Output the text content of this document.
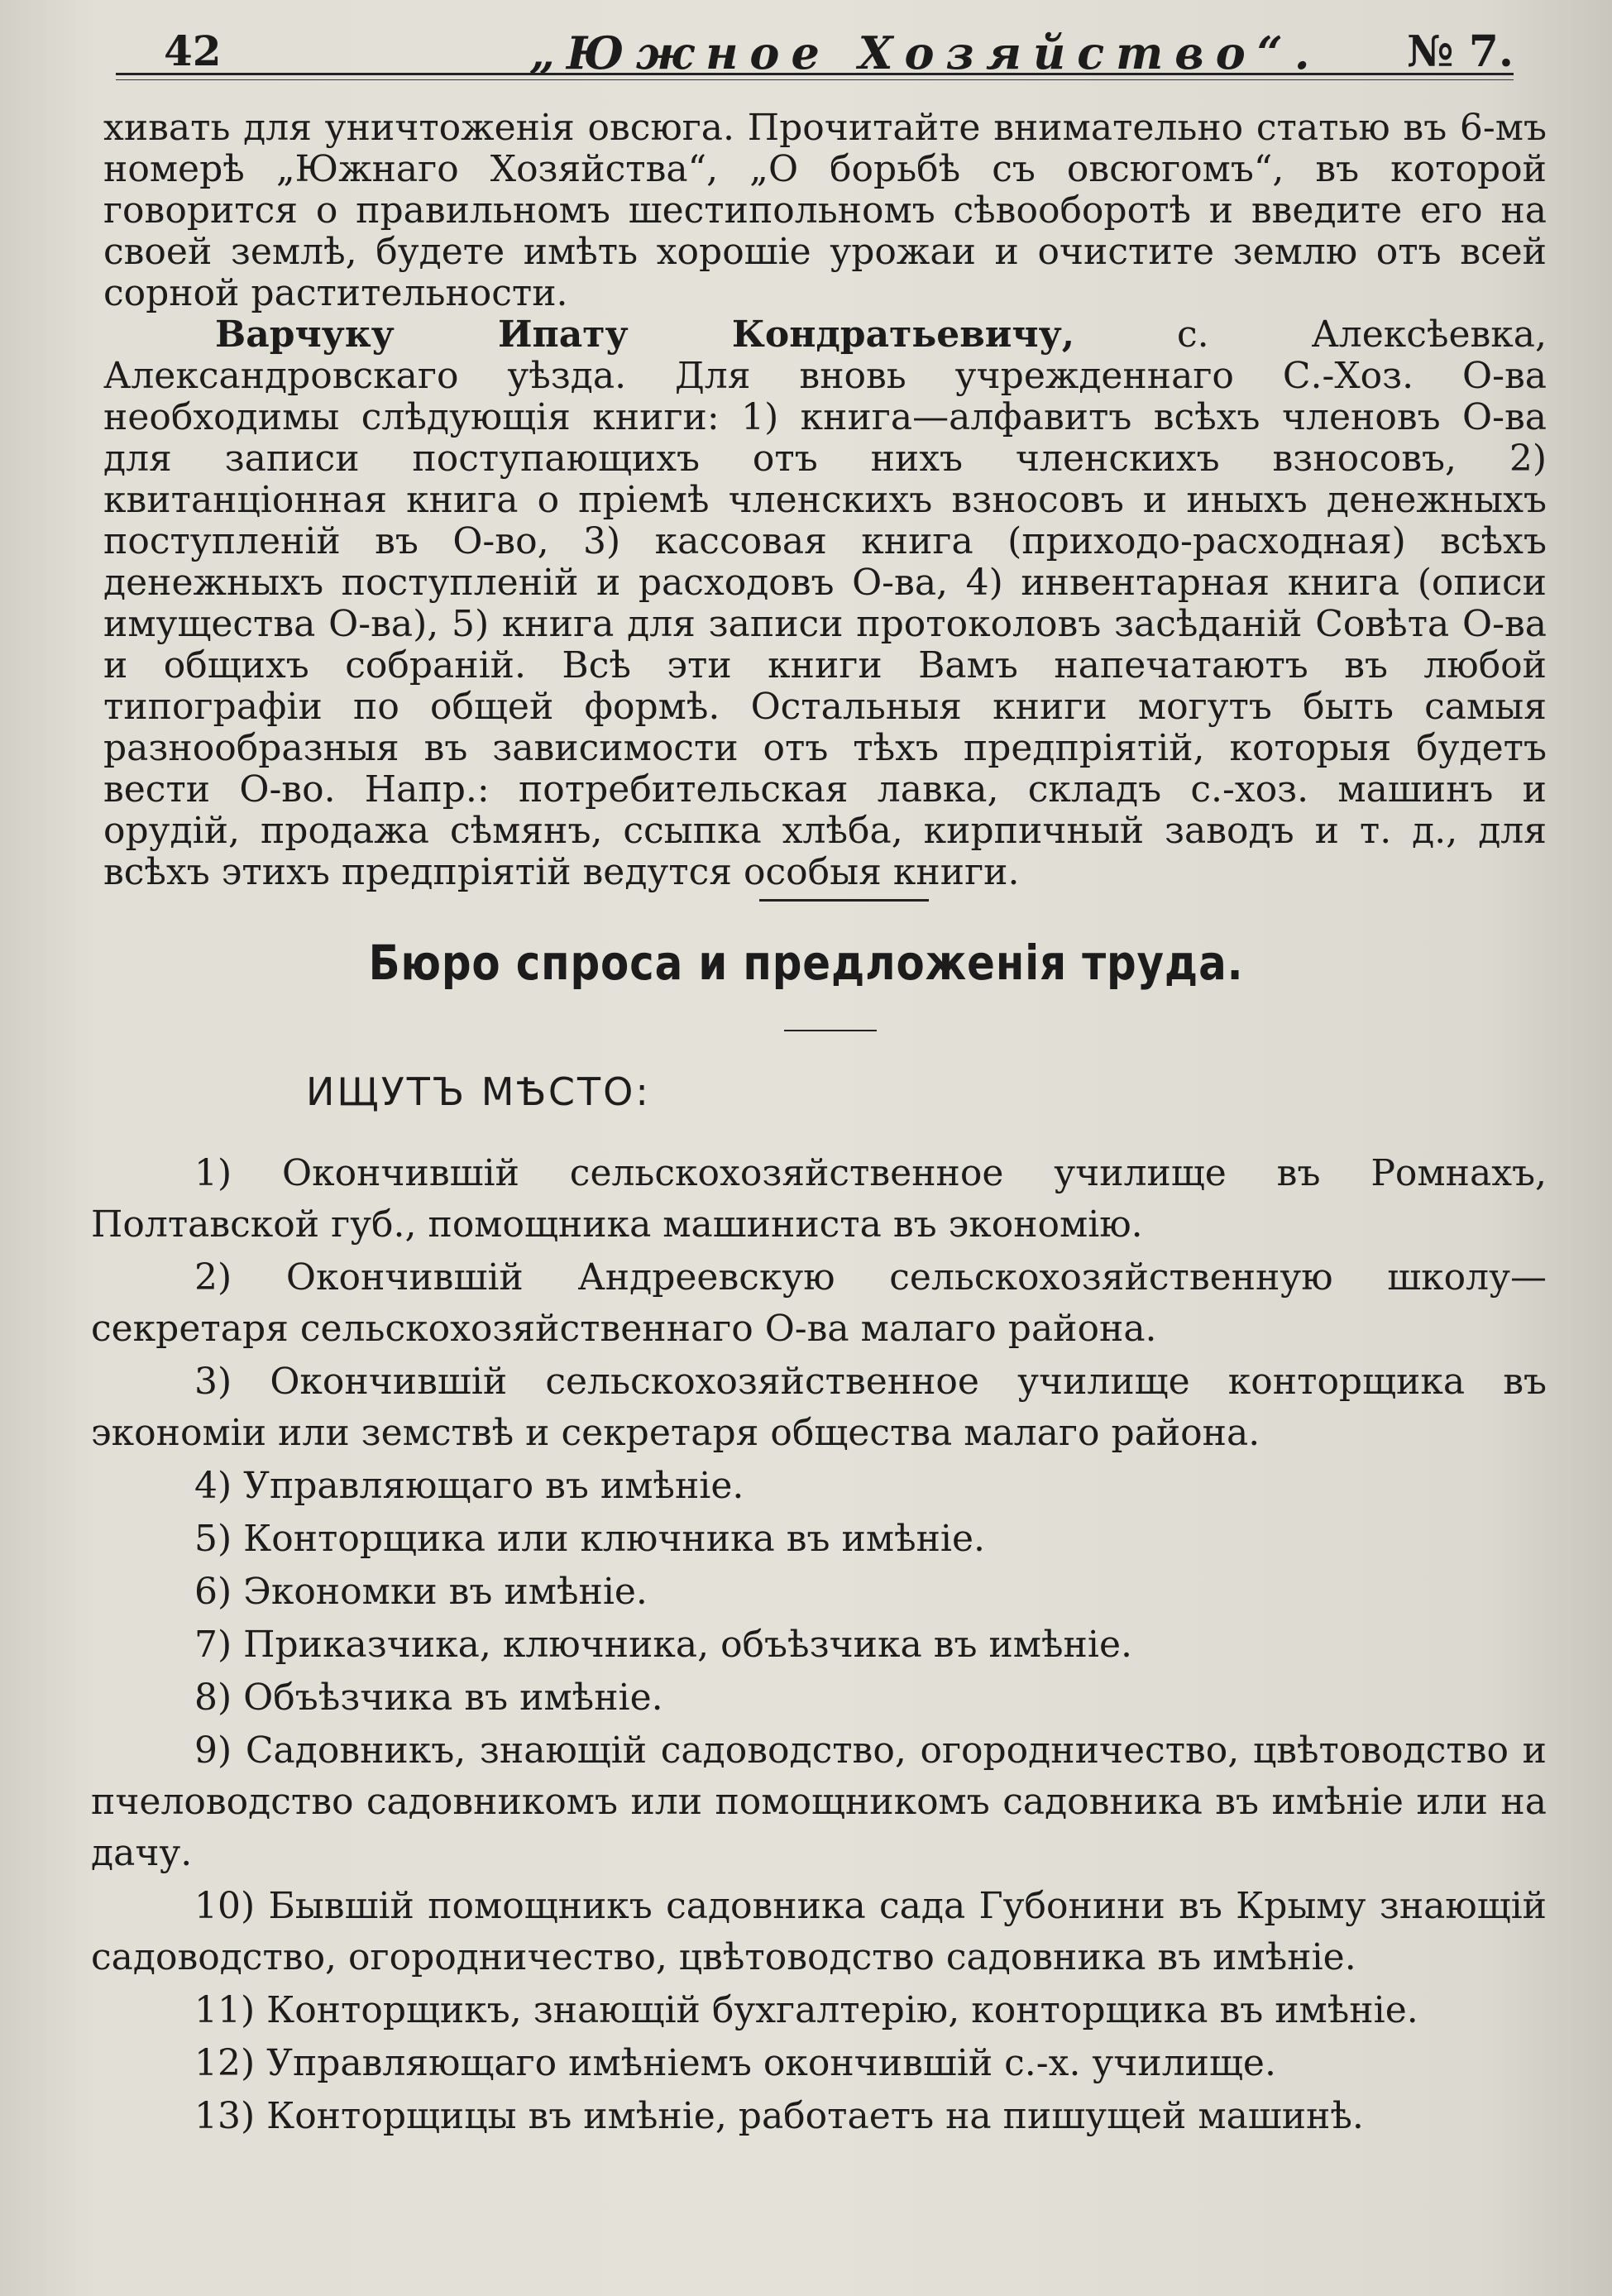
42	„Южное Хозяйство“. № 7.

хивать для уничтоженія овсюга. Прочитайте внимательно статью въ 6-мъ номерѣ „Южнаго Хозяйства“, „О борьбѣ съ овсюгомъ“, въ которой говорится о правильномъ шестипольномъ сѣвооборотѣ и введите его на своей землѣ, будете имѣть хорошіе урожаи и очистите землю отъ всей сорной растительности.

Варчуку Ипату Кондратьевичу, с. Алексѣевка, Александровскаго уѣзда. Для вновь учрежденнаго С.-Хоз. О-ва необходимы слѣдующія книги: 1) книга—алфавитъ всѣхъ членовъ О-ва для записи поступающихъ отъ нихъ членскихъ взносовъ, 2) квитанціонная книга о пріемѣ членскихъ взносовъ и иныхъ денежныхъ поступленій въ О-во, 3) кассовая книга (приходо-расходная) всѣхъ денежныхъ поступленій и расходовъ О-ва, 4) инвентарная книга (описи имущества О-ва), 5) книга для записи протоколовъ засѣданій Совѣта О-ва и общихъ собраній. Всѣ эти книги Вамъ напечатаютъ въ любой типографіи по общей формѣ. Остальныя книги могутъ быть самыя разнообразныя въ зависимости отъ тѣхъ предпріятій, которыя будетъ вести О-во. Напр.: потребительская лавка, складъ с.-хоз. машинъ и орудій, продажа сѣмянъ, ссыпка хлѣба, кирпичный заводъ и т. д., для всѣхъ этихъ предпріятій ведутся особыя книги.

Бюро спроса и предложенія труда.
ИЩУТЪ МѢСТО:

1) Окончившій сельскохозяйственное училище въ Ромнахъ, Полтавской губ., помощника машиниста въ экономію.

2) Окончившій Андреевскую сельскохозяйственную школу—секретаря сельскохозяйственнаго О-ва малаго района.

3) Окончившій сельскохозяйственное училище конторщика въ экономіи или земствѣ и секретаря общества малаго района.

4) Управляющаго въ имѣніе.

5) Конторщика или ключника въ имѣніе.

6) Экономки въ имѣніе.

7) Приказчика, ключника, объѣзчика въ имѣніе.

8) Объѣзчика въ имѣніе.

9) Садовникъ, знающій садоводство, огородничество, цвѣтоводство и пчеловодство садовникомъ или помощникомъ садовника въ имѣніе или на дачу.

10) Бывшій помощникъ садовника сада Губонини въ Крыму знающій садоводство, огородничество, цвѣтоводство садовника въ имѣніе.

11) Конторщикъ, знающій бухгалтерію, конторщика въ имѣніе.

12) Управляющаго имѣніемъ окончившій с.-х. училище.

13) Конторщицы въ имѣніе, работаетъ на пишущей машинѣ.
